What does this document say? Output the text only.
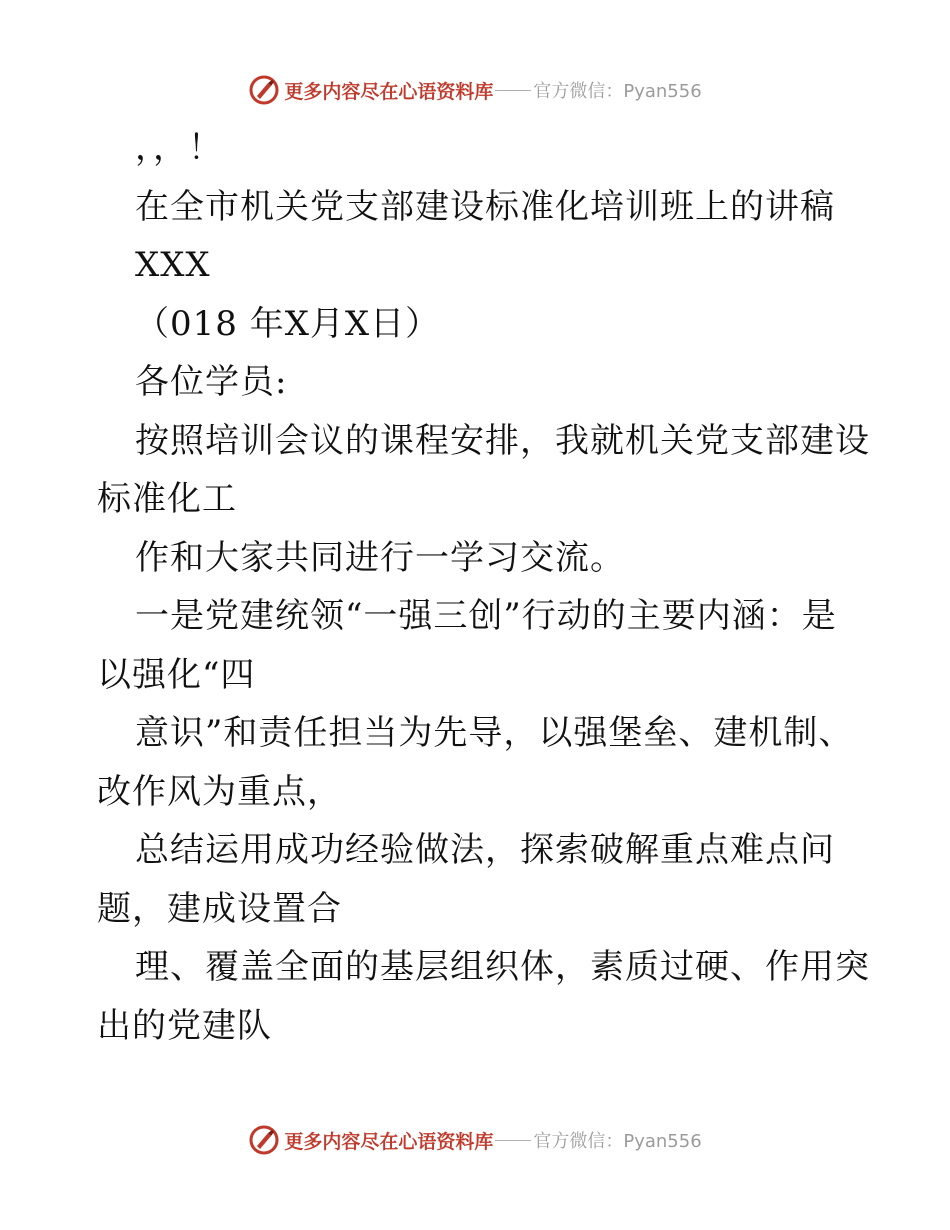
更多内容尽在心语资料库 官方微信：Pyan556
，，！
在全市机关党支部建设标准化培训班上的讲稿
XXX
（018 年X月X日）
各位学员:
按照培训会议的课程安排，我就机关党支部建设
标准化工
作和大家共同进行一学习交流。
一是党建统领“一强三创”行动的主要内涵：是
以强化“四
意识”和责任担当为先导，以强堡垒、建机制、
改作风为重点，
总结运用成功经验做法，探索破解重点难点问
题，建成设置合
理、覆盖全面的基层组织体，素质过硬、作用突
出的党建队
更多内容尽在心语资料库 官方微信：Pyan556
